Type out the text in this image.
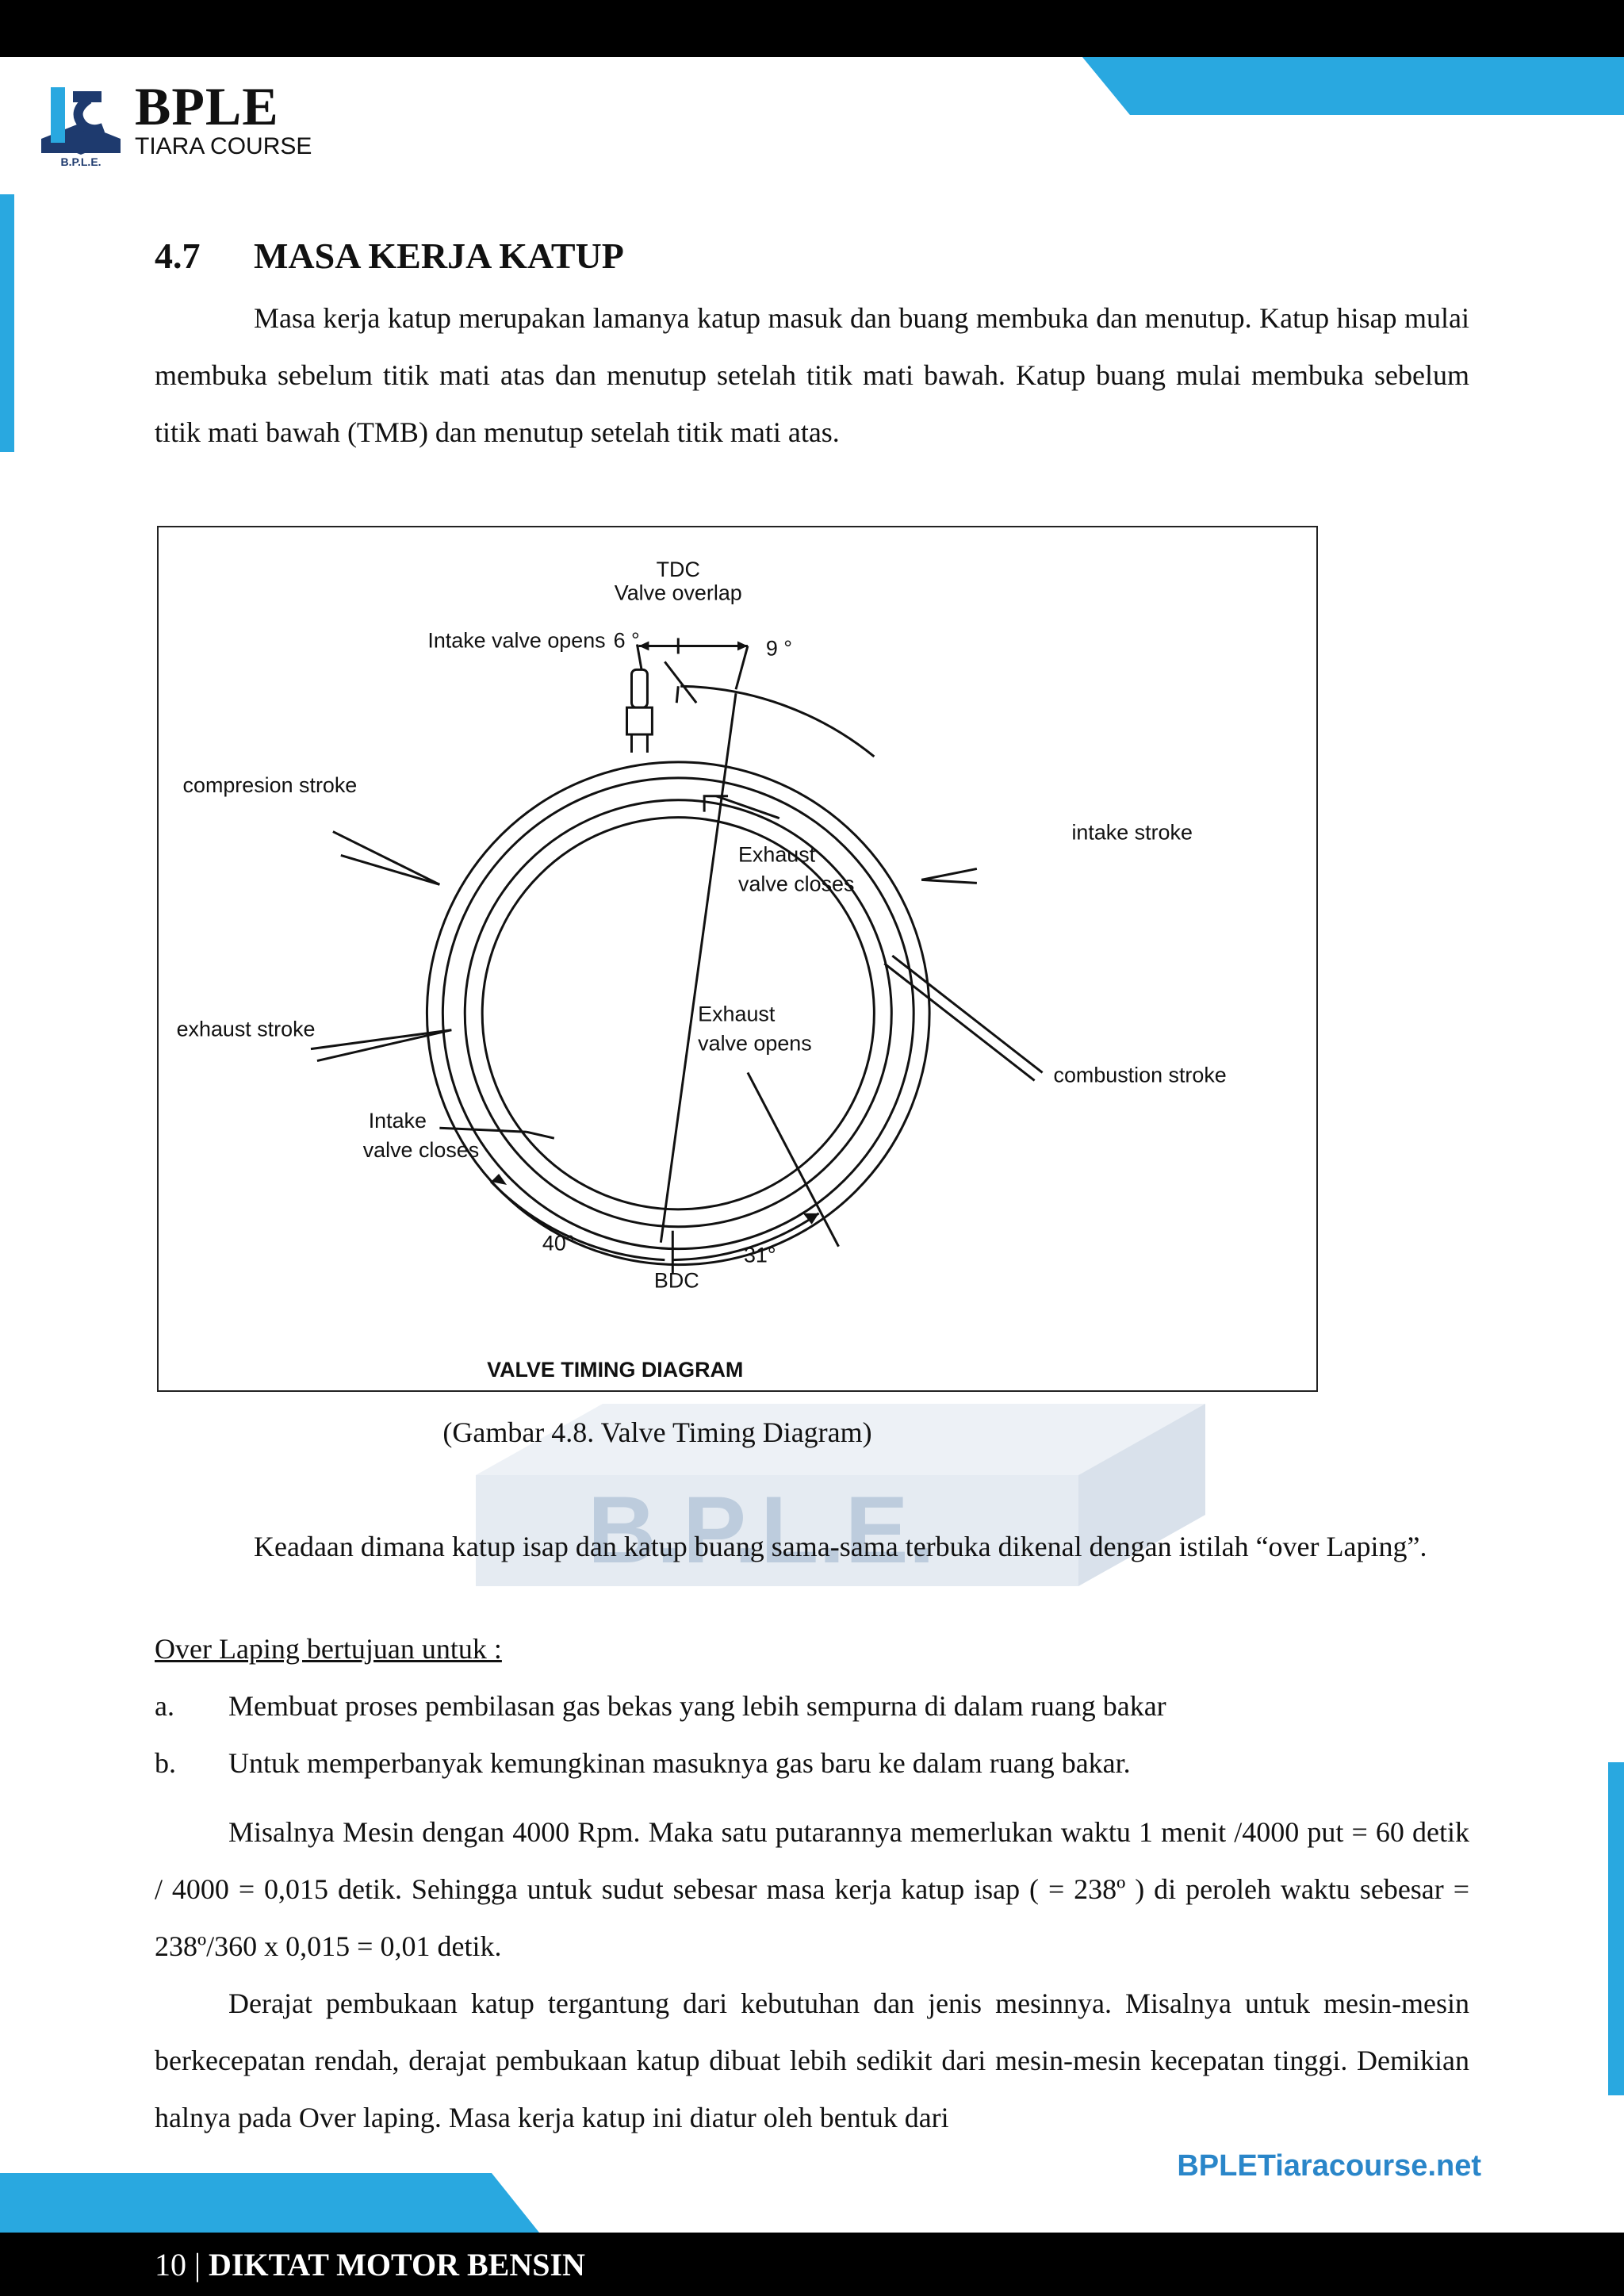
B.P.L.E.
B.P.L.E.
BPLE
TIARA COURSE
4.7 MASA KERJA KATUP
Masa kerja katup merupakan lamanya katup masuk dan buang membuka dan menutup. Katup hisap mulai membuka sebelum titik mati atas dan menutup setelah titik mati bawah. Katup buang mulai membuka sebelum titik mati bawah (TMB) dan menutup setelah titik mati atas.
TDC
Valve overlap
Intake valve opens 6 °	9 °
compresion stroke
intake stroke
Exhaust
valve closes
exhaust stroke
Exhaust
valve opens
combustion stroke
Intake
valve closes
40°	31°
BDC
VALVE TIMING DIAGRAM
(Gambar 4.8. Valve Timing Diagram)
Keadaan dimana katup isap dan katup buang sama-sama terbuka dikenal dengan istilah “over Laping”.
Over Laping bertujuan untuk :
a. Membuat proses pembilasan gas bekas yang lebih sempurna di dalam ruang bakar
b. Untuk memperbanyak kemungkinan masuknya gas baru ke dalam ruang bakar.
Misalnya Mesin dengan 4000 Rpm. Maka satu putarannya memerlukan waktu 1 menit /4000 put = 60 detik / 4000 = 0,015 detik. Sehingga untuk sudut sebesar masa kerja katup isap ( = 238º ) di peroleh waktu sebesar = 238º/360 x 0,015 = 0,01 detik.
Derajat pembukaan katup tergantung dari kebutuhan dan jenis mesinnya. Misalnya untuk mesin-mesin berkecepatan rendah, derajat pembukaan katup dibuat lebih sedikit dari mesin-mesin kecepatan tinggi. Demikian halnya pada Over laping. Masa kerja katup ini diatur oleh bentuk dari
BPLETiaracourse.net
10 | DIKTAT MOTOR BENSIN
